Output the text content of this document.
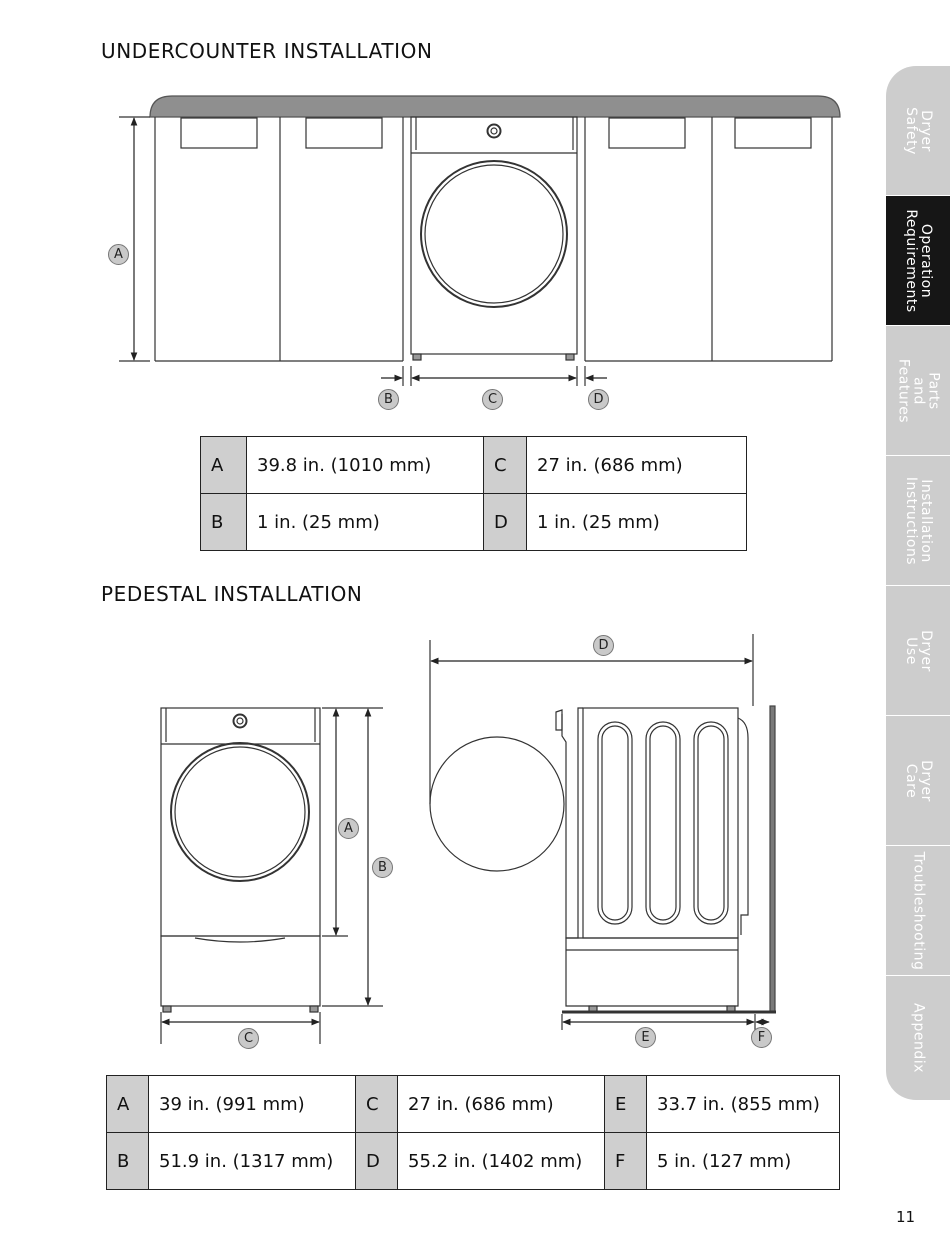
UNDERCOUNTER INSTALLATION
PEDESTAL INSTALLATION
A
B	C	D
A
B
C
D
E	F
A	39.8 in. (1010 mm)	C	27 in. (686 mm)
B	1 in. (25 mm)	D	1 in. (25 mm)
A	39 in. (991 mm)	C	27 in. (686 mm)	E	33.7 in. (855 mm)
B	51.9 in. (1317 mm)	D	55.2 in. (1402 mm)	F	5 in. (127 mm)
Dryer
Safety
Operation
Requirements
Parts and
Features
Installation
Instructions
Dryer Use
Dryer Care
Troubleshooting
Appendix
11
